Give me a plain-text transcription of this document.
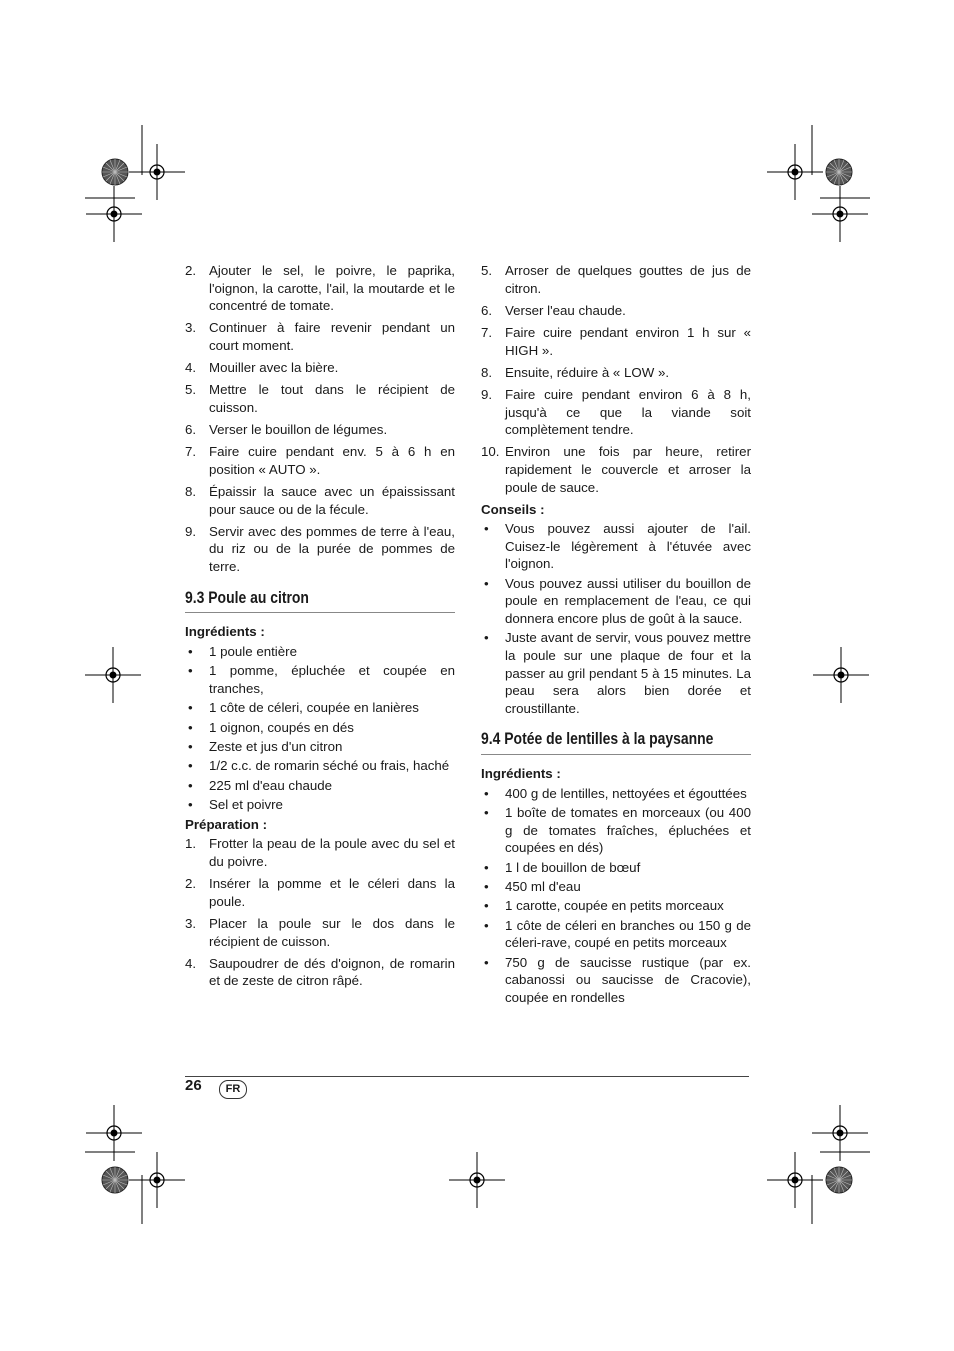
2. Ajouter le sel, le poivre, le paprika, l'oignon, la carotte, l'ail, la moutarde et le concentré de tomate.
3. Continuer à faire revenir pendant un court moment.
4. Mouiller avec la bière.
5. Mettre le tout dans le récipient de cuisson.
6. Verser le bouillon de légumes.
7. Faire cuire pendant env. 5 à 6 h en position « AUTO ».
8. Épaissir la sauce avec un épaississant pour sauce ou de la fécule.
9. Servir avec des pommes de terre à l'eau, du riz ou de la purée de pommes de terre.
9.3 Poule au citron
Ingrédients :
• 1 poule entière
• 1 pomme, épluchée et coupée en tranches,
• 1 côte de céleri, coupée en lanières
• 1 oignon, coupés en dés
• Zeste et jus d'un citron
• 1/2 c.c. de romarin séché ou frais, haché
• 225 ml d'eau chaude
• Sel et poivre
Préparation :
1. Frotter la peau de la poule avec du sel et du poivre.
2. Insérer la pomme et le céleri dans la poule.
3. Placer la poule sur le dos dans le récipient de cuisson.
4. Saupoudrer de dés d'oignon, de romarin et de zeste de citron râpé.
5. Arroser de quelques gouttes de jus de citron.
6. Verser l'eau chaude.
7. Faire cuire pendant environ 1 h sur « HIGH ».
8. Ensuite, réduire à « LOW ».
9. Faire cuire pendant environ 6 à 8 h, jusqu'à ce que la viande soit complètement tendre.
10. Environ une fois par heure, retirer rapidement le couvercle et arroser la poule de sauce.
Conseils :
• Vous pouvez aussi ajouter de l'ail. Cuisez-le légèrement à l'étuvée avec l'oignon.
• Vous pouvez aussi utiliser du bouillon de poule en remplacement de l'eau, ce qui donnera encore plus de goût à la sauce.
• Juste avant de servir, vous pouvez mettre la poule sur une plaque de four et la passer au gril pendant 5 à 15 minutes. La peau sera alors bien dorée et croustillante.
9.4 Potée de lentilles à la paysanne
Ingrédients :
• 400 g de lentilles, nettoyées et égouttées
• 1 boîte de tomates en morceaux (ou 400 g de tomates fraîches, épluchées et coupées en dés)
• 1 l de bouillon de bœuf
• 450 ml d'eau
• 1 carotte, coupée en petits morceaux
• 1 côte de céleri en branches ou 150 g de céleri-rave, coupé en petits morceaux
• 750 g de saucisse rustique (par ex. cabanossi ou saucisse de Cracovie), coupée en rondelles
26	FR
